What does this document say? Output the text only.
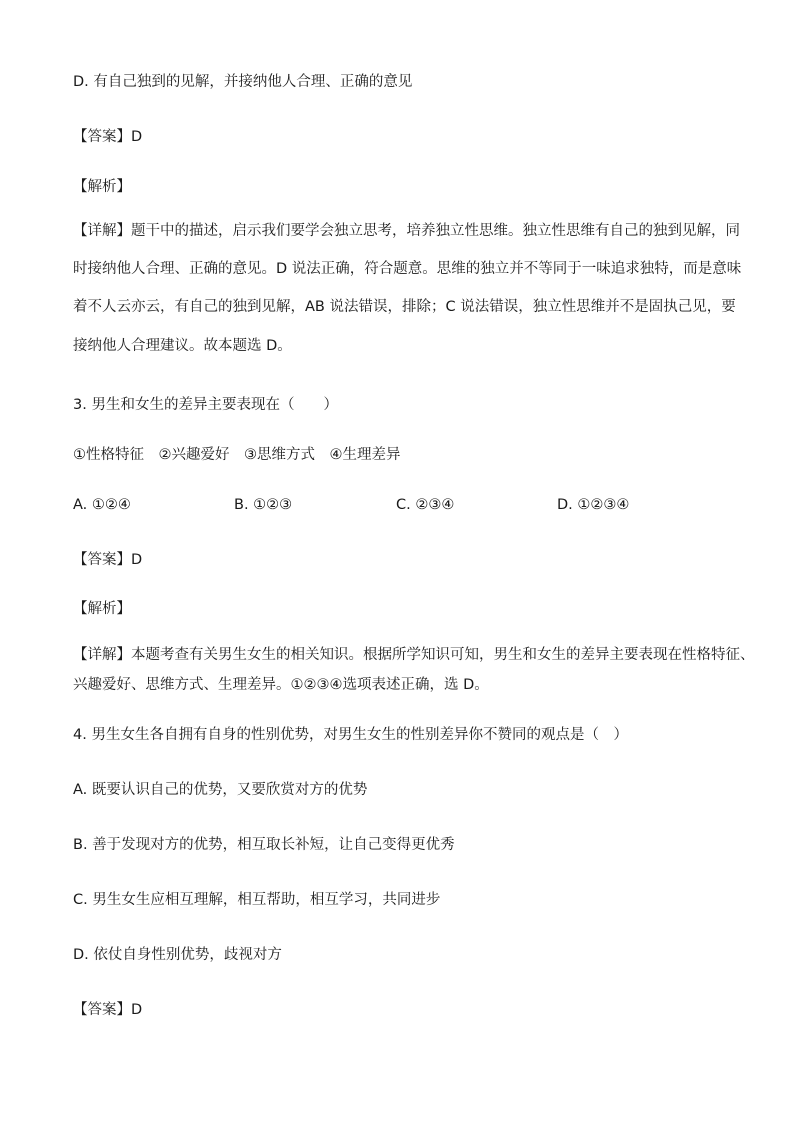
D. 有自己独到的见解，并接纳他人合理、正确的意见
【答案】D
【解析】
【详解】题干中的描述，启示我们要学会独立思考，培养独立性思维。独立性思维有自己的独到见解，同
时接纳他人合理、正确的意见。D 说法正确，符合题意。思维的独立并不等同于一味追求独特，而是意味
着不人云亦云，有自己的独到见解，AB 说法错误，排除；C 说法错误，独立性思维并不是固执己见，要
接纳他人合理建议。故本题选 D。
3. 男生和女生的差异主要表现在（　　）
①性格特征　②兴趣爱好　③思维方式　④生理差异
A. ①②④	B. ①②③	C. ②③④	D. ①②③④
【答案】D
【解析】
【详解】本题考查有关男生女生的相关知识。根据所学知识可知，男生和女生的差异主要表现在性格特征、
兴趣爱好、思维方式、生理差异。①②③④选项表述正确，选 D。
4. 男生女生各自拥有自身的性别优势，对男生女生的性别差异你不赞同的观点是（　）
A. 既要认识自己的优势，又要欣赏对方的优势
B. 善于发现对方的优势，相互取长补短，让自己变得更优秀
C. 男生女生应相互理解，相互帮助，相互学习，共同进步
D. 依仗自身性别优势，歧视对方
【答案】D
